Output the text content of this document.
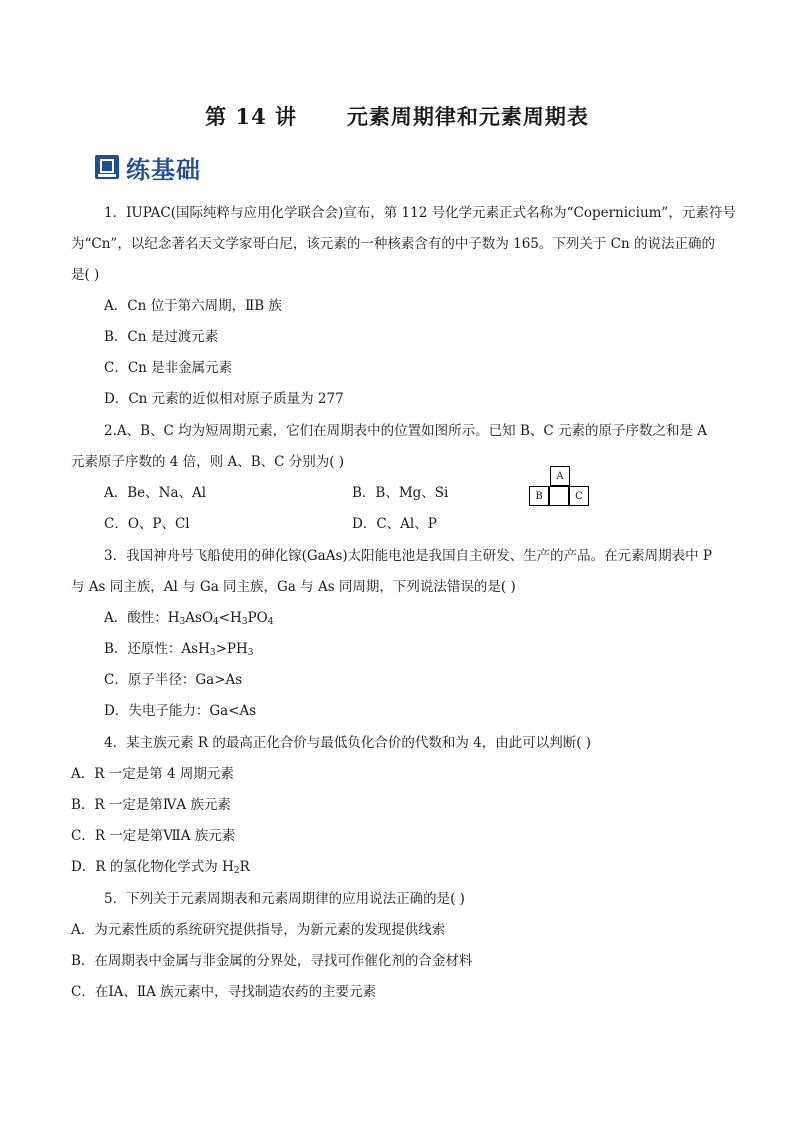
第 14 讲      元素周期律和元素周期表
练基础
1．IUPAC(国际纯粹与应用化学联合会)宣布，第 112 号化学元素正式名称为“Copernicium”，元素符号
为“Cn”，以纪念著名天文学家哥白尼，该元素的一种核素含有的中子数为 165。下列关于 Cn 的说法正确的
是( )
A．Cn 位于第六周期，ⅡB 族
B．Cn 是过渡元素
C．Cn 是非金属元素
D．Cn 元素的近似相对原子质量为 277
2.A、B、C 均为短周期元素，它们在周期表中的位置如图所示。已知 B、C 元素的原子序数之和是 A
元素原子序数的 4 倍，则 A、B、C 分别为( )
A．Be、Na、Al	B．B、Mg、Si
C．O、P、Cl	D．C、Al、P
A
B	C
3．我国神舟号飞船使用的砷化镓(GaAs)太阳能电池是我国自主研发、生产的产品。在元素周期表中 P
与 As 同主族，Al 与 Ga 同主族，Ga 与 As 同周期，下列说法错误的是( )
A．酸性：$H_3AsO_4<H_3PO_4$
B．还原性：$AsH_3>PH_3$
C．原子半径：Ga>As
D．失电子能力：Ga<As
4．某主族元素 R 的最高正化合价与最低负化合价的代数和为 4，由此可以判断( )
A．R 一定是第 4 周期元素
B．R 一定是第ⅣA 族元素
C．R 一定是第ⅦA 族元素
D．R 的氢化物化学式为 $H_2R$
5．下列关于元素周期表和元素周期律的应用说法正确的是( )
A．为元素性质的系统研究提供指导，为新元素的发现提供线索
B．在周期表中金属与非金属的分界处，寻找可作催化剂的合金材料
C．在ⅠA、ⅡA 族元素中，寻找制造农药的主要元素
